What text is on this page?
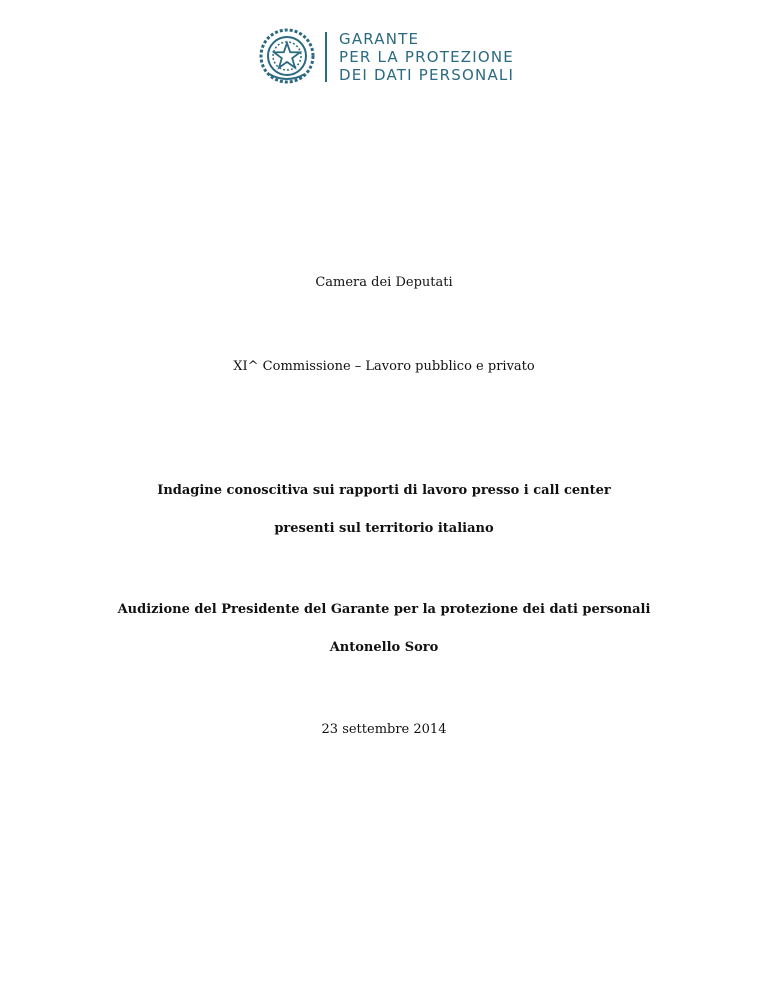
GARANTE
PER LA PROTEZIONE
DEI DATI PERSONALI
Camera dei Deputati
XI^ Commissione – Lavoro pubblico e privato
Indagine conoscitiva sui rapporti di lavoro presso i call center
presenti sul territorio italiano
Audizione del Presidente del Garante per la protezione dei dati personali
Antonello Soro
23 settembre 2014
